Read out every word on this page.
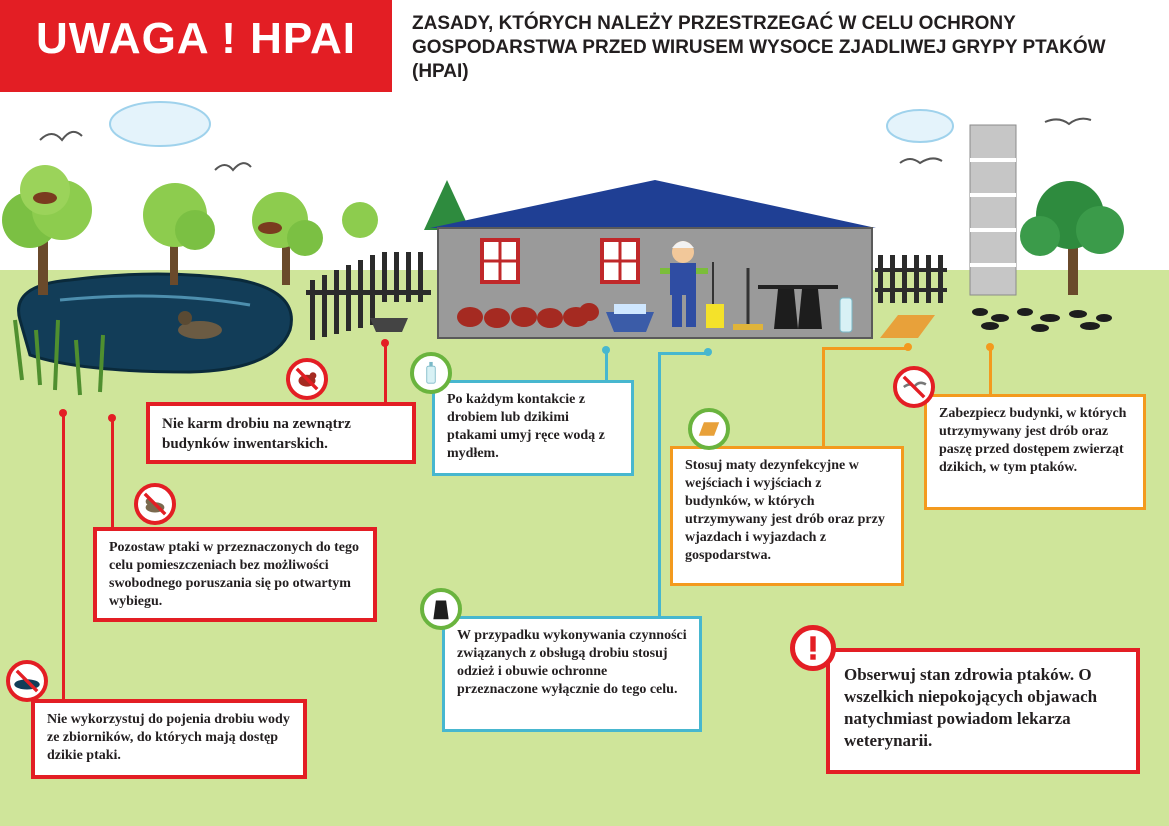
UWAGA ! HPAI	ZASADY, KTÓRYCH NALEŻY PRZESTRZEGAĆ W CELU OCHRONY GOSPODARSTWA PRZED WIRUSEM WYSOCE ZJADLIWEJ GRYPY PTAKÓW (HPAI)
Nie karm drobiu na zewnątrz budynków inwentarskich.
Pozostaw ptaki w przeznaczonych do tego celu pomieszczeniach bez możliwości swobodnego poruszania się po otwartym wybiegu.
Nie wykorzystuj do pojenia drobiu wody ze zbiorników, do których mają dostęp dzikie ptaki.
Po każdym kontakcie z drobiem lub dzikimi ptakami umyj ręce wodą z mydłem.
W przypadku wykonywania czynności związanych z obsługą drobiu stosuj odzież i obuwie ochronne przeznaczone wyłącznie do tego celu.
Stosuj maty dezynfekcyjne w wejściach i wyjściach z budynków, w których utrzymywany jest drób oraz przy wjazdach i wyjazdach z gospodarstwa.
Zabezpiecz budynki, w których utrzymywany jest drób oraz paszę przed dostępem zwierząt dzikich, w tym ptaków.
Obserwuj stan zdrowia ptaków. O wszelkich niepokojących objawach natychmiast powiadom lekarza weterynarii.
